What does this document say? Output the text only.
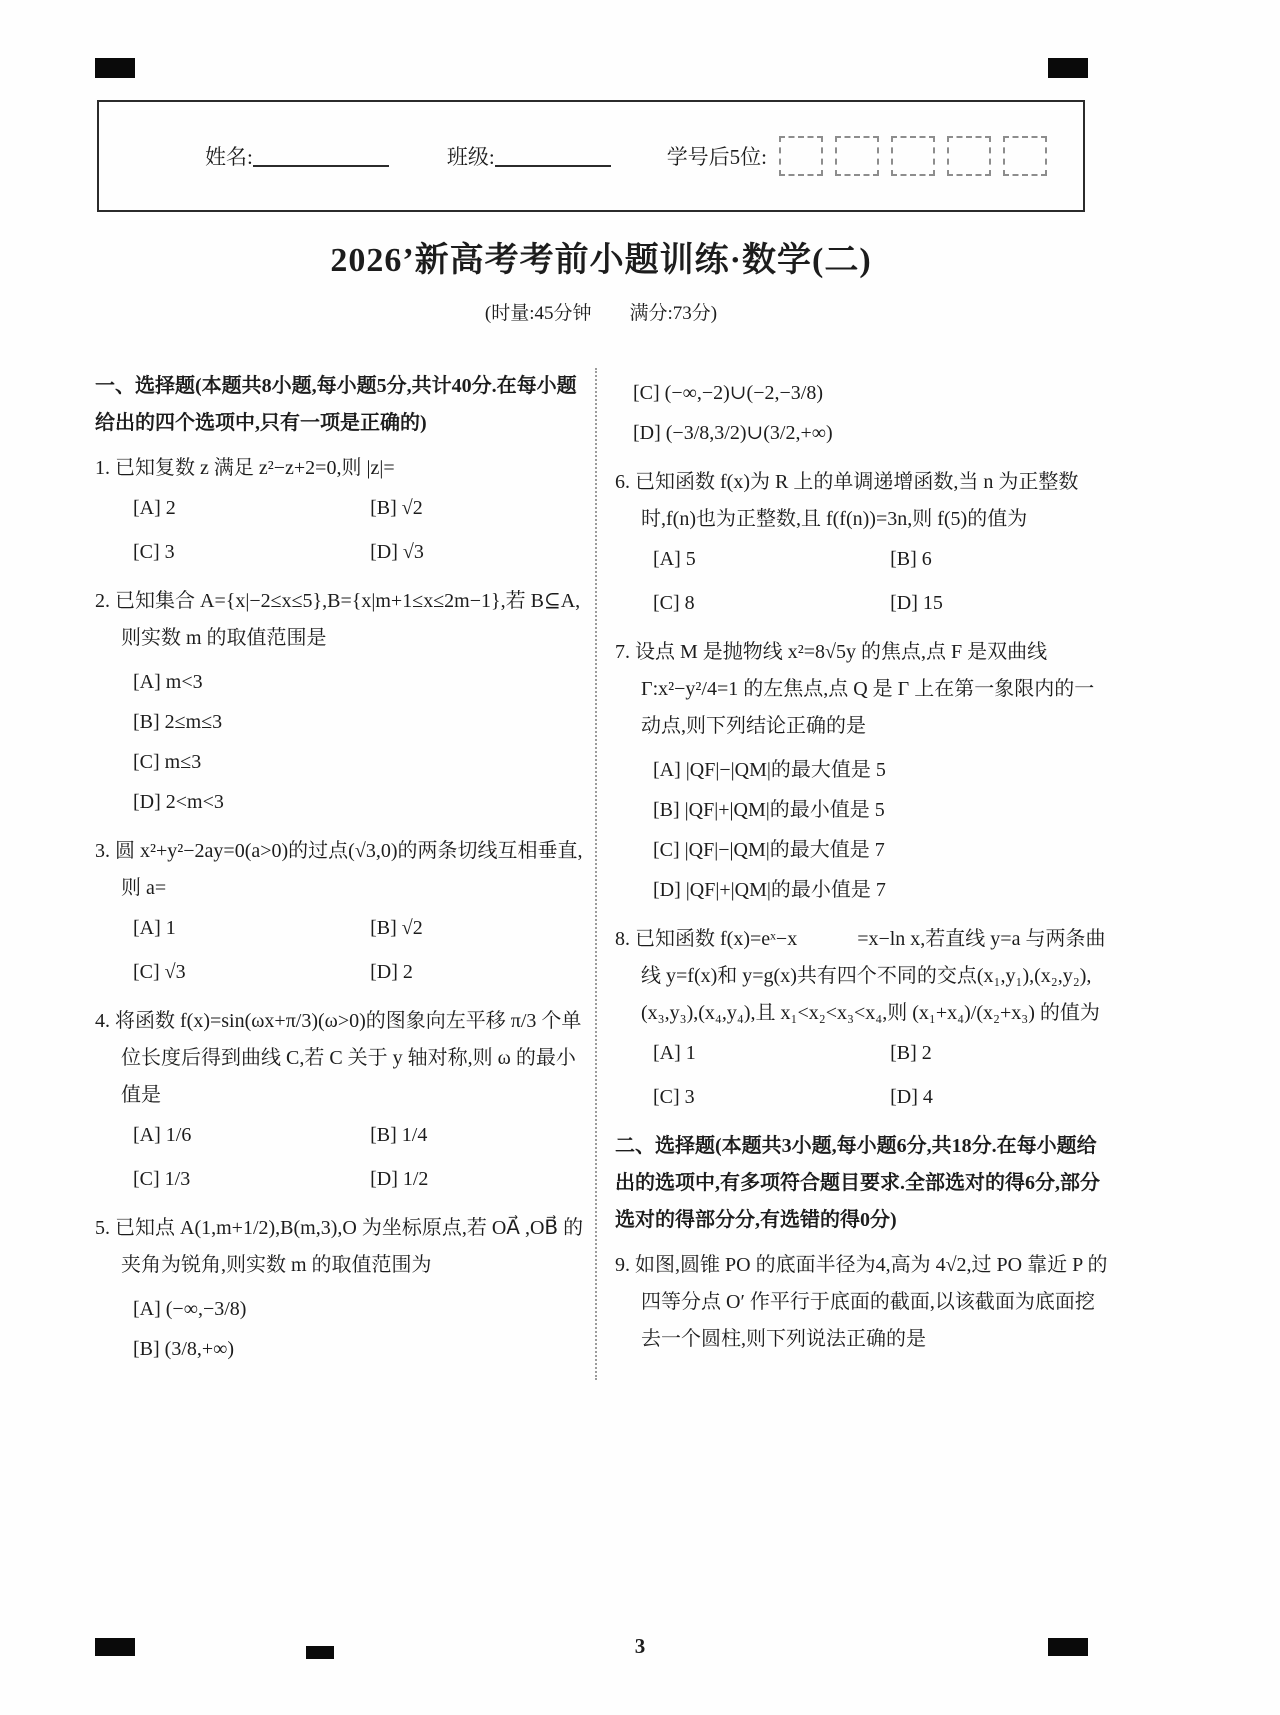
姓名:	班级:	学号后5位:
2026’新高考考前小题训练·数学(二)

(时量:45分钟　　满分:73分)

一、选择题(本题共8小题,每小题5分,共计40分.在每小题给出的四个选项中,只有一项是正确的)

1. 已知复数 z 满足 z²−z+2=0,则 |z|=

[A] 2	[B] √2
[C] 3	[D] √3

2. 已知集合 A={x|−2≤x≤5},B={x|m+1≤x≤2m−1},若 B⊆A,则实数 m 的取值范围是

[A] m<3
[B] 2≤m≤3
[C] m≤3
[D] 2<m<3

3. 圆 x²+y²−2ay=0(a>0)的过点(√3,0)的两条切线互相垂直,则 a=

[A] 1	[B] √2
[C] √3	[D] 2

4. 将函数 f(x)=sin(ωx+π/3)(ω>0)的图象向左平移 π/3 个单位长度后得到曲线 C,若 C 关于 y 轴对称,则 ω 的最小值是

[A] 1/6	[B] 1/4
[C] 1/3	[D] 1/2

5. 已知点 A(1,m+1/2),B(m,3),O 为坐标原点,若 OA⃗ ,OB⃗ 的夹角为锐角,则实数 m 的取值范围为

[A] (−∞,−3/8)
[B] (3/8,+∞)
[C] (−∞,−2)∪(−2,−3/8)
[D] (−3/8,3/2)∪(3/2,+∞)

6. 已知函数 f(x)为 R 上的单调递增函数,当 n 为正整数时,f(n)也为正整数,且 f(f(n))=3n,则 f(5)的值为

[A] 5	[B] 6
[C] 8	[D] 15

7. 设点 M 是抛物线 x²=8√5y 的焦点,点 F 是双曲线 Γ:x²−y²/4=1 的左焦点,点 Q 是 Γ 上在第一象限内的一动点,则下列结论正确的是

[A] |QF|−|QM|的最大值是 5
[B] |QF|+|QM|的最小值是 5
[C] |QF|−|QM|的最大值是 7
[D] |QF|+|QM|的最小值是 7

8. 已知函数 f(x)=eˣ−x　　　=x−ln x,若直线 y=a 与两条曲线 y=f(x)和 y=g(x)共有四个不同的交点(x₁,y₁),(x₂,y₂),(x₃,y₃),(x₄,y₄),且 x₁<x₂<x₃<x₄,则 (x₁+x₄)/(x₂+x₃) 的值为

[A] 1	[B] 2
[C] 3	[D] 4

二、选择题(本题共3小题,每小题6分,共18分.在每小题给出的选项中,有多项符合题目要求.全部选对的得6分,部分选对的得部分分,有选错的得0分)

9. 如图,圆锥 PO 的底面半径为4,高为 4√2,过 PO 靠近 P 的四等分点 O′ 作平行于底面的截面,以该截面为底面挖去一个圆柱,则下列说法正确的是

3
